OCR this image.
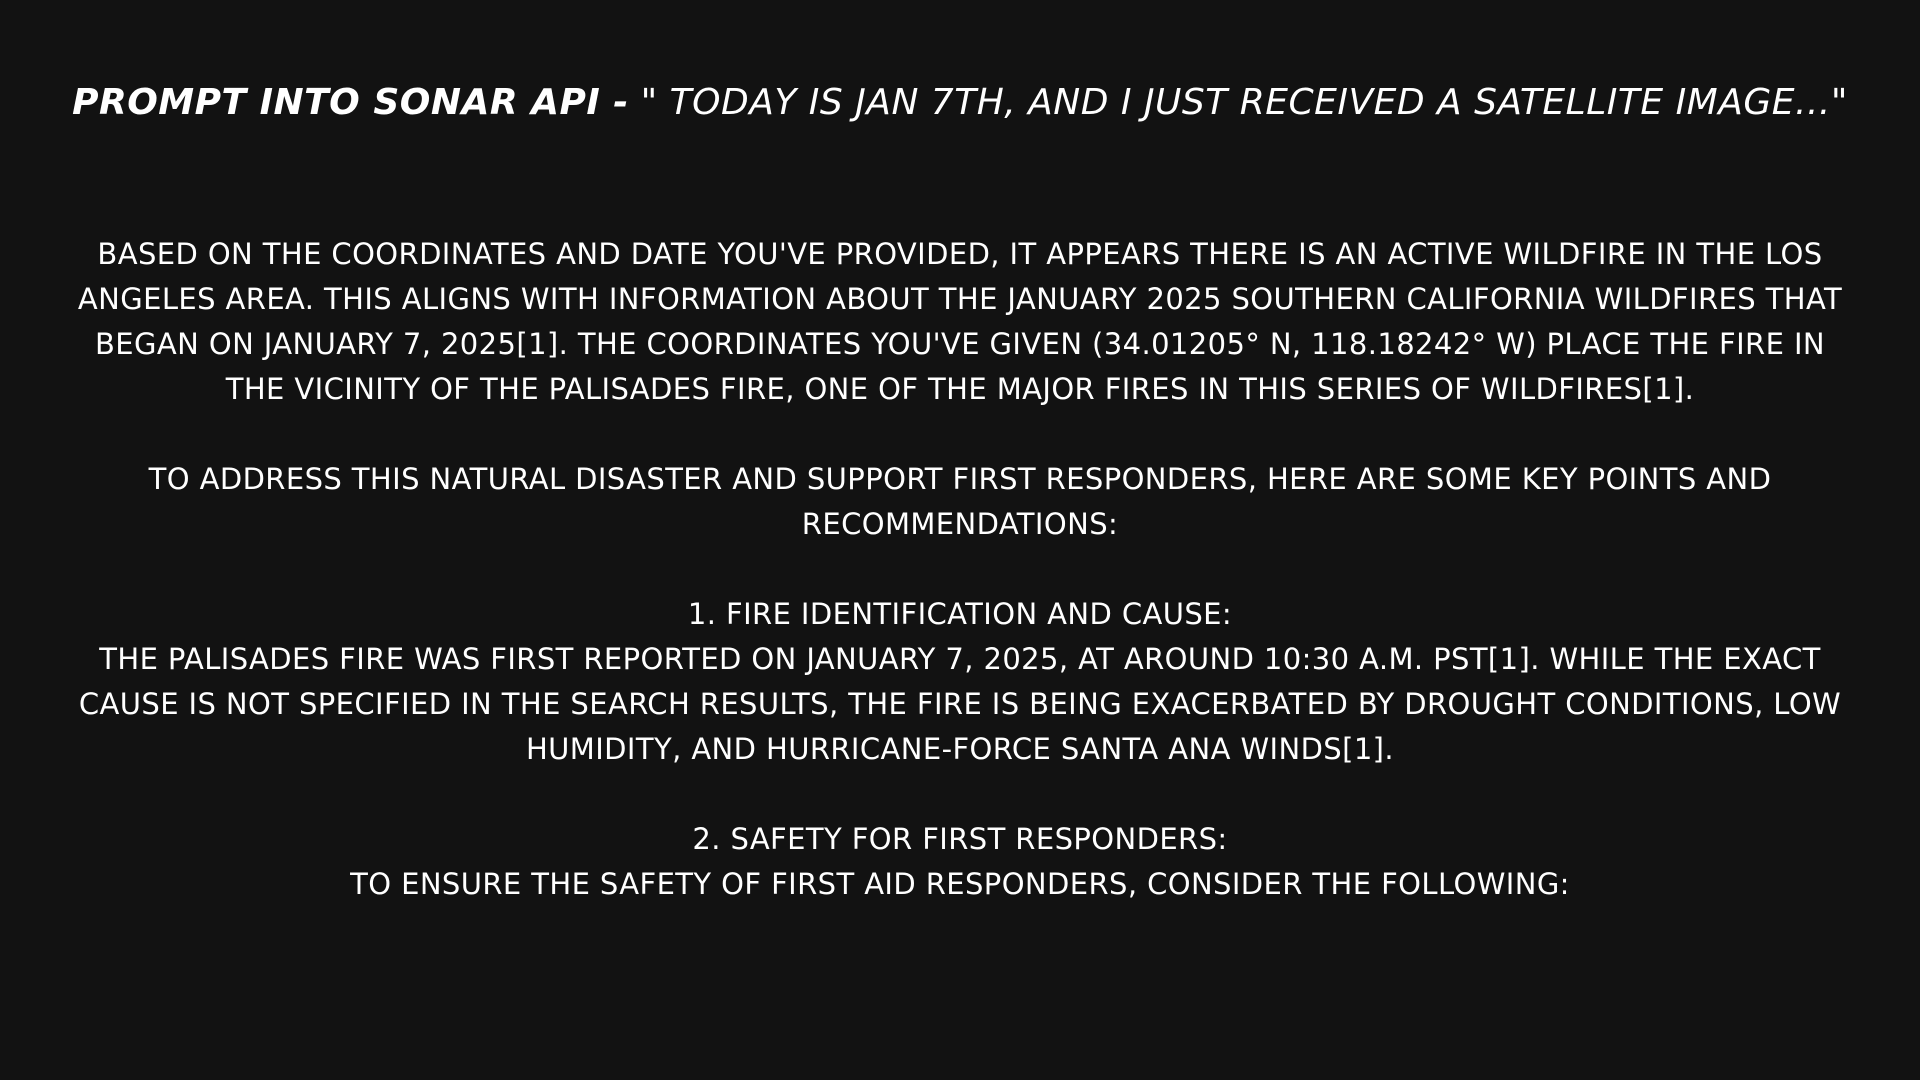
PROMPT INTO SONAR API - " TODAY IS JAN 7TH, AND I JUST RECEIVED A SATELLITE IMAGE..."

BASED ON THE COORDINATES AND DATE YOU'VE PROVIDED, IT APPEARS THERE IS AN ACTIVE WILDFIRE IN THE LOS ANGELES AREA. THIS ALIGNS WITH INFORMATION ABOUT THE JANUARY 2025 SOUTHERN CALIFORNIA WILDFIRES THAT BEGAN ON JANUARY 7, 2025[1]. THE COORDINATES YOU'VE GIVEN (34.01205° N, 118.18242° W) PLACE THE FIRE IN THE VICINITY OF THE PALISADES FIRE, ONE OF THE MAJOR FIRES IN THIS SERIES OF WILDFIRES[1].

TO ADDRESS THIS NATURAL DISASTER AND SUPPORT FIRST RESPONDERS, HERE ARE SOME KEY POINTS AND RECOMMENDATIONS:

1. FIRE IDENTIFICATION AND CAUSE:

THE PALISADES FIRE WAS FIRST REPORTED ON JANUARY 7, 2025, AT AROUND 10:30 A.M. PST[1]. WHILE THE EXACT CAUSE IS NOT SPECIFIED IN THE SEARCH RESULTS, THE FIRE IS BEING EXACERBATED BY DROUGHT CONDITIONS, LOW HUMIDITY, AND HURRICANE-FORCE SANTA ANA WINDS[1].

2. SAFETY FOR FIRST RESPONDERS:

TO ENSURE THE SAFETY OF FIRST AID RESPONDERS, CONSIDER THE FOLLOWING:
